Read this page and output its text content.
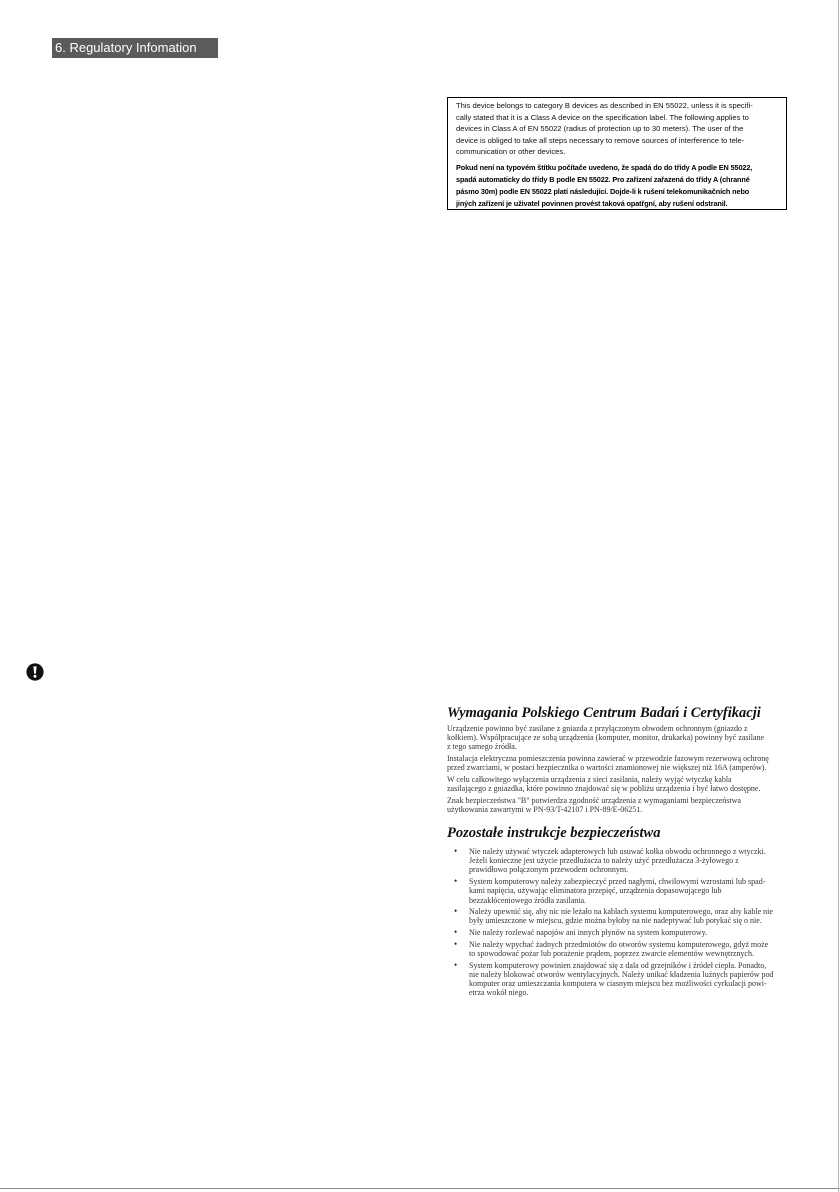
6. Regulatory Infomation
This device belongs to category B devices as described in EN 55022, unless it is specifi-
cally stated that it is a Class A device on the specification label. The following applies to
devices in Class A of EN 55022 (radius of protection up to 30 meters). The user of the
device is obliged to take all steps necessary to remove sources of interference to tele-
communication or other devices.
Pokud není na typovém štítku počítače uvedeno, že spadá do do třídy A podle EN 55022,
spadá automaticky do třídy B podle EN 55022. Pro zařízení zařazená do třídy A (chranné
pásmo 30m) podle EN 55022 platí následující. Dojde-li k rušení telekomunikačních nebo
jiných zařízení je uživatel povinnen provést taková opatřgní, aby rušení odstranil.
Wymagania Polskiego Centrum Badań i Certyfikacji
Urządzenie powinno być zasilane z gniazda z przyłączonym obwodem ochronnym (gniazdo z
kołkiem). Współpracujące ze sobą urządzenia (komputer, monitor, drukarka) powinny być zasilane
z tego samego źródła.
Instalacja elektryczna pomieszczenia powinna zawierać w przewodzie fazowym rezerwową ochronę
przed zwarciami, w postaci bezpiecznika o wartości znamionowej nie większej niż 16A (amperów).
W celu całkowitego wyłączenia urządzenia z sieci zasilania, należy wyjąć wtyczkę kabla
zasilającego z gniazdka, które powinno znajdować się w pobliżu urządzenia i być łatwo dostępne.
Znak bezpieczeństwa "B" potwierdza zgodność urządzenia z wymaganiami bezpieczeństwa
użytkowania zawartymi w PN-93/T-42107 i PN-89/E-06251.
Pozostałe instrukcje bezpieczeństwa
• Nie należy używać wtyczek adapterowych lub usuwać kołka obwodu ochronnego z wtyczki.
Jeżeli konieczne jest użycie przedłużacza to należy użyć przedłużacza 3-żyłowego z
prawidłowo połączonym przewodem ochronnym.
• System komputerowy należy zabezpieczyć przed nagłymi, chwilowymi wzrostami lub spad-
kami napięcia, używając eliminatora przepięć, urządzenia dopasowującego lub
bezzakłóceniowego źródła zasilania.
• Należy upewnić się, aby nic nie leżało na kablach systemu komputerowego, oraz aby kable nie
były umieszczone w miejscu, gdzie można byłoby na nie nadeptywać lub potykać się o nie.
• Nie należy rozlewać napojów ani innych płynów na system komputerowy.
• Nie należy wpychać żadnych przedmiotów do otworów systemu komputerowego, gdyż może
to spowodować pożar lub porażenie prądem, poprzez zwarcie elementów wewnętrznych.
• System komputerowy powinien znajdować się z dala od grzejników i źródeł ciepła. Ponadto,
nie należy blokować otworów wentylacyjnych. Należy unikać kładzenia luźnych papierów pod
komputer oraz umieszczania komputera w ciasnym miejscu bez możliwości cyrkulacji powi-
etrza wokół niego.
